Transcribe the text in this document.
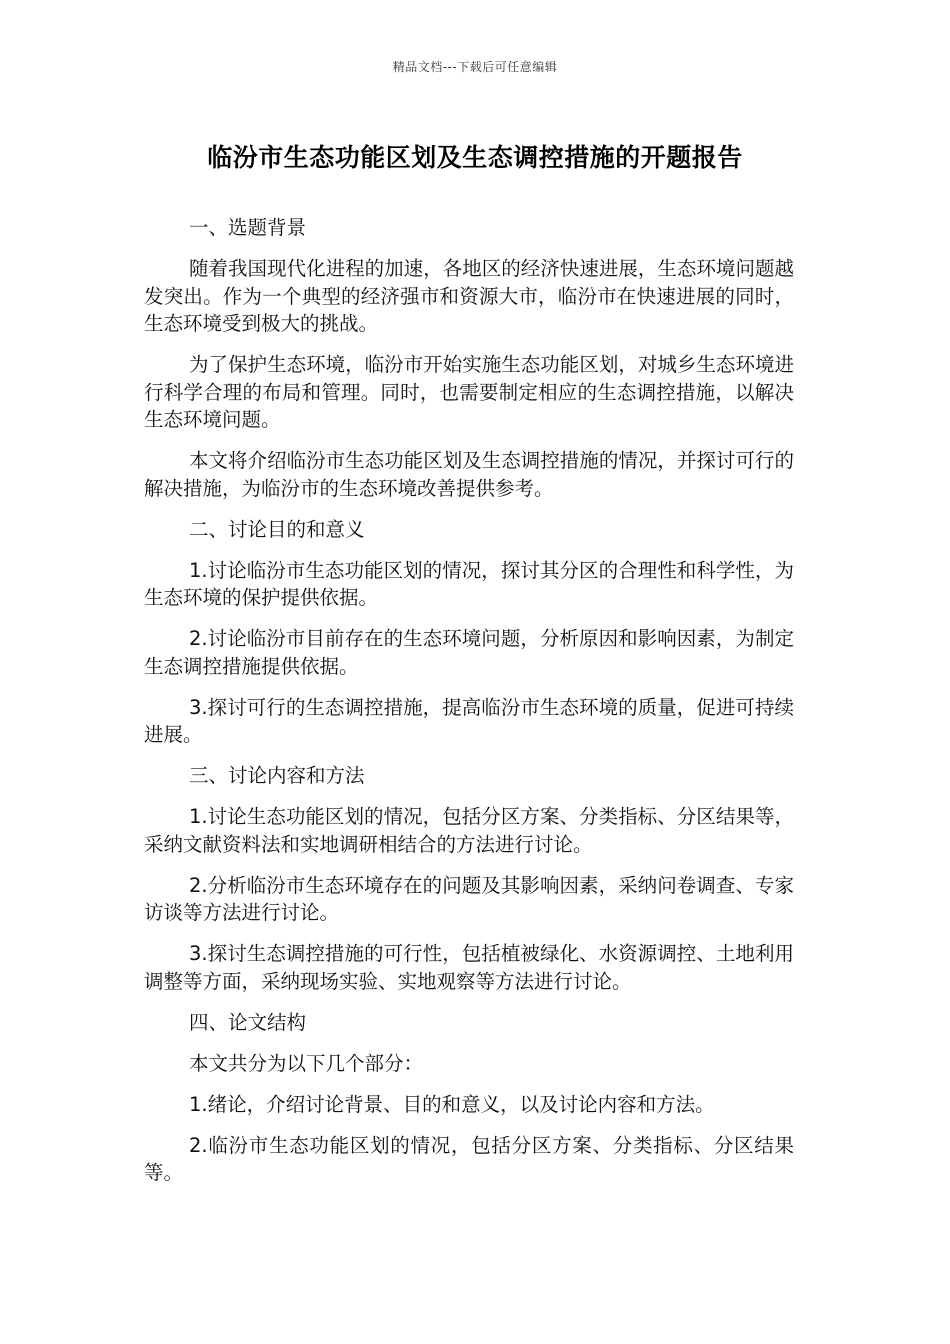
精品文档---下载后可任意编辑
临汾市生态功能区划及生态调控措施的开题报告

一、选题背景

随着我国现代化进程的加速，各地区的经济快速进展，生态环境问题越发突出。作为一个典型的经济强市和资源大市，临汾市在快速进展的同时，生态环境受到极大的挑战。

为了保护生态环境，临汾市开始实施生态功能区划，对城乡生态环境进行科学合理的布局和管理。同时，也需要制定相应的生态调控措施，以解决生态环境问题。

本文将介绍临汾市生态功能区划及生态调控措施的情况，并探讨可行的解决措施，为临汾市的生态环境改善提供参考。

二、讨论目的和意义

1.讨论临汾市生态功能区划的情况，探讨其分区的合理性和科学性，为生态环境的保护提供依据。

2.讨论临汾市目前存在的生态环境问题，分析原因和影响因素，为制定生态调控措施提供依据。

3.探讨可行的生态调控措施，提高临汾市生态环境的质量，促进可持续进展。

三、讨论内容和方法

1.讨论生态功能区划的情况，包括分区方案、分类指标、分区结果等，采纳文献资料法和实地调研相结合的方法进行讨论。

2.分析临汾市生态环境存在的问题及其影响因素，采纳问卷调查、专家访谈等方法进行讨论。

3.探讨生态调控措施的可行性，包括植被绿化、水资源调控、土地利用调整等方面，采纳现场实验、实地观察等方法进行讨论。

四、论文结构

本文共分为以下几个部分：

1.绪论，介绍讨论背景、目的和意义，以及讨论内容和方法。

2.临汾市生态功能区划的情况，包括分区方案、分类指标、分区结果等。
